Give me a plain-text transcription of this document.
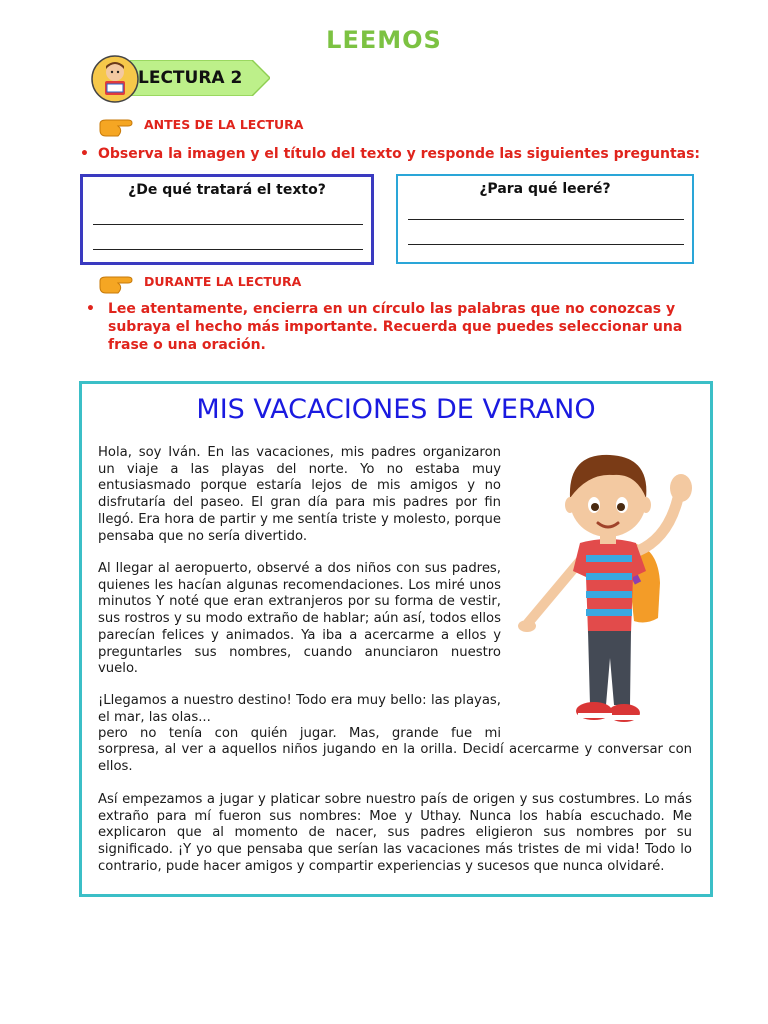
LEEMOS
LECTURA 2
ANTES DE LA LECTURA
• Observa la imagen y el título del texto y responde las siguientes preguntas:
¿De qué tratará el texto?	¿Para qué leeré?
DURANTE LA LECTURA
• Lee atentamente, encierra en un círculo las palabras que no conozcas y subraya el hecho más importante. Recuerda que puedes seleccionar una frase o una oración.
MIS VACACIONES DE VERANO
Hola, soy Iván. En las vacaciones, mis padres organizaron un viaje a las playas del norte. Yo no estaba muy entusiasmado porque estaría lejos de mis amigos y no disfrutaría del paseo. El gran día para mis padres por fin llegó. Era hora de partir y me sentía triste y molesto, porque pensaba que no sería divertido.
Al llegar al aeropuerto, observé a dos niños con sus padres, quienes les hacían algunas recomendaciones. Los miré unos minutos Y noté que eran extranjeros por su forma de vestir, sus rostros y su modo extraño de hablar; aún así, todos ellos parecían felices y animados. Ya iba a acercarme a ellos y preguntarles sus nombres, cuando anunciaron nuestro vuelo.
¡Llegamos a nuestro destino! Todo era muy bello: las playas, el mar, las olas...
pero no tenía con quién jugar. Mas, grande fue mi
sorpresa, al ver a aquellos niños jugando en la orilla. Decidí acercarme y conversar con ellos.
Así empezamos a jugar y platicar sobre nuestro país de origen y sus costumbres. Lo más extraño para mí fueron sus nombres: Moe y Uthay. Nunca los había escuchado. Me explicaron que al momento de nacer, sus padres eligieron sus nombres por su significado. ¡Y yo que pensaba que serían las vacaciones más tristes de mi vida! Todo lo contrario, pude hacer amigos y compartir experiencias y sucesos que nunca olvidaré.
